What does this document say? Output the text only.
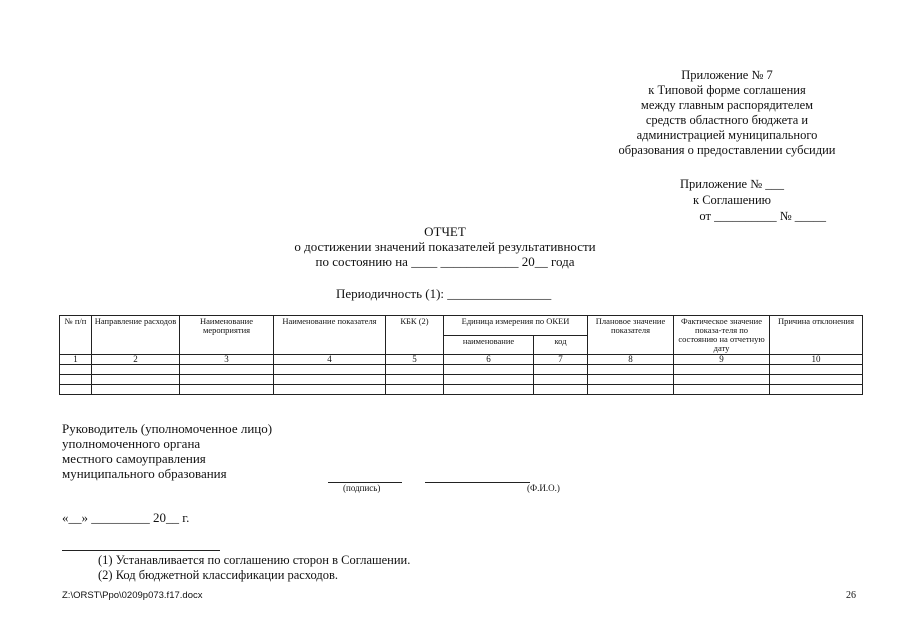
Приложение № 7
к Типовой форме соглашения
между главным распорядителем
средств областного бюджета и
администрацией муниципального
образования о предоставлении субсидии
Приложение № ___
к Соглашению
от __________ № _____
ОТЧЕТ
о достижении значений показателей результативности
по состоянию на ____ ____________ 20__ года
Периодичность (1): ________________
№ п/п	Направление расходов	Наименование мероприятия	Наименование показателя	КБК (2)	Единица измерения по ОКЕИ		Плановое значение показателя	Фактическое значение показа-теля по состоянию на отчетную дату	Причина отклонения
					наименование	код			
1	2	3	4	5	6	7	8	9	10

Руководитель (уполномоченное лицо)
уполномоченного органа
местного самоуправления
муниципального образования
(подпись)	(Ф.И.О.)
«__» _________ 20__ г.
(1) Устанавливается по соглашению сторон в Соглашении.
(2) Код бюджетной классификации расходов.
Z:\ORST\Ppo\0209p073.f17.docx	26
